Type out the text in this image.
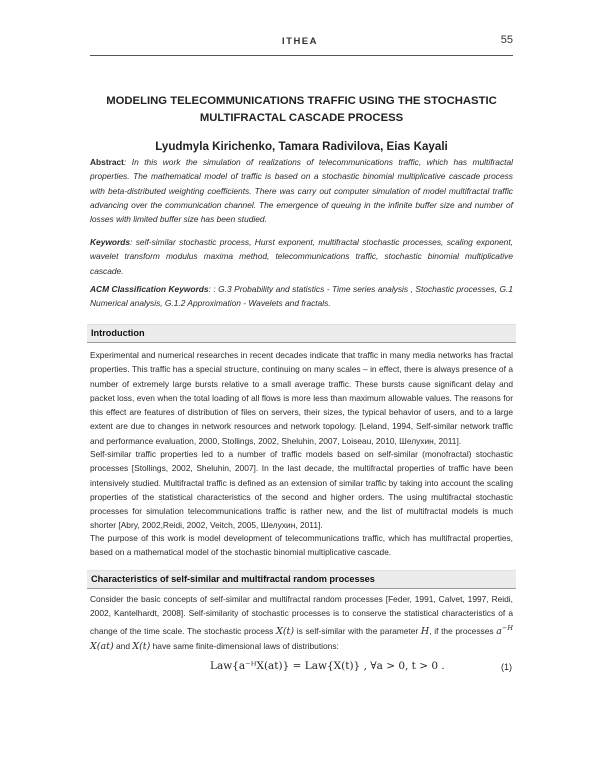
ITHEA	55
MODELING TELECOMMUNICATIONS TRAFFIC USING THE STOCHASTIC MULTIFRACTAL CASCADE PROCESS
Lyudmyla Kirichenko, Tamara Radivilova, Eias Kayali
Abstract: In this work the simulation of realizations of telecommunications traffic, which has multifractal properties. The mathematical model of traffic is based on a stochastic binomial multiplicative cascade process with beta-distributed weighting coefficients. There was carry out computer simulation of model multifractal traffic advancing over the communication channel. The emergence of queuing in the infinite buffer size and number of losses with limited buffer size has been studied.
Keywords: self-similar stochastic process, Hurst exponent, multifractal stochastic processes, scaling exponent, wavelet transform modulus maxima method, telecommunications traffic, stochastic binomial multiplicative cascade.
ACM Classification Keywords: : G.3 Probability and statistics - Time series analysis , Stochastic processes, G.1 Numerical analysis, G.1.2 Approximation - Wavelets and fractals.
Introduction
Experimental and numerical researches in recent decades indicate that traffic in many media networks has fractal properties. This traffic has a special structure, continuing on many scales – in effect, there is always presence of a number of extremely large bursts relative to a small average traffic. These bursts cause significant delay and packet loss, even when the total loading of all flows is more less than maximum allowable values. The reasons for this effect are features of distribution of files on servers, their sizes, the typical behavior of users, and to a large extent are due to changes in network resources and network topology. [Leland, 1994, Self-similar network traffic and performance evaluation, 2000, Stollings, 2002, Sheluhin, 2007, Loiseau, 2010, Шелухин, 2011].
Self-similar traffic properties led to a number of traffic models based on self-similar (monofractal) stochastic processes [Stollings, 2002, Sheluhin, 2007]. In the last decade, the multifractal properties of traffic have been intensively studied. Multifractal traffic is defined as an extension of similar traffic by taking into account the scaling properties of the statistical characteristics of the second and higher orders. The using multifractal stochastic processes for simulation telecommunications traffic is rather new, and the list of multifractal models is much shorter [Abry, 2002,Reidi, 2002, Veitch, 2005, Шелухин, 2011].
The purpose of this work is model development of telecommunications traffic, which has multifractal properties, based on a mathematical model of the stochastic binomial multiplicative cascade.
Characteristics of self-similar and multifractal random processes
Consider the basic concepts of self-similar and multifractal random processes [Feder, 1991, Calvet, 1997, Reidi, 2002, Kantelhardt, 2008]. Self-similarity of stochastic processes is to conserve the statistical characteristics of a change of the time scale. The stochastic process X(t) is self-similar with the parameter H, if the processes $a^{-H}$ X(at) and X(t) have same finite-dimensional laws of distributions:
Law{a⁻ᴴX(at)} = Law{X(t)} , ∀a > 0, t > 0 .	(1)
